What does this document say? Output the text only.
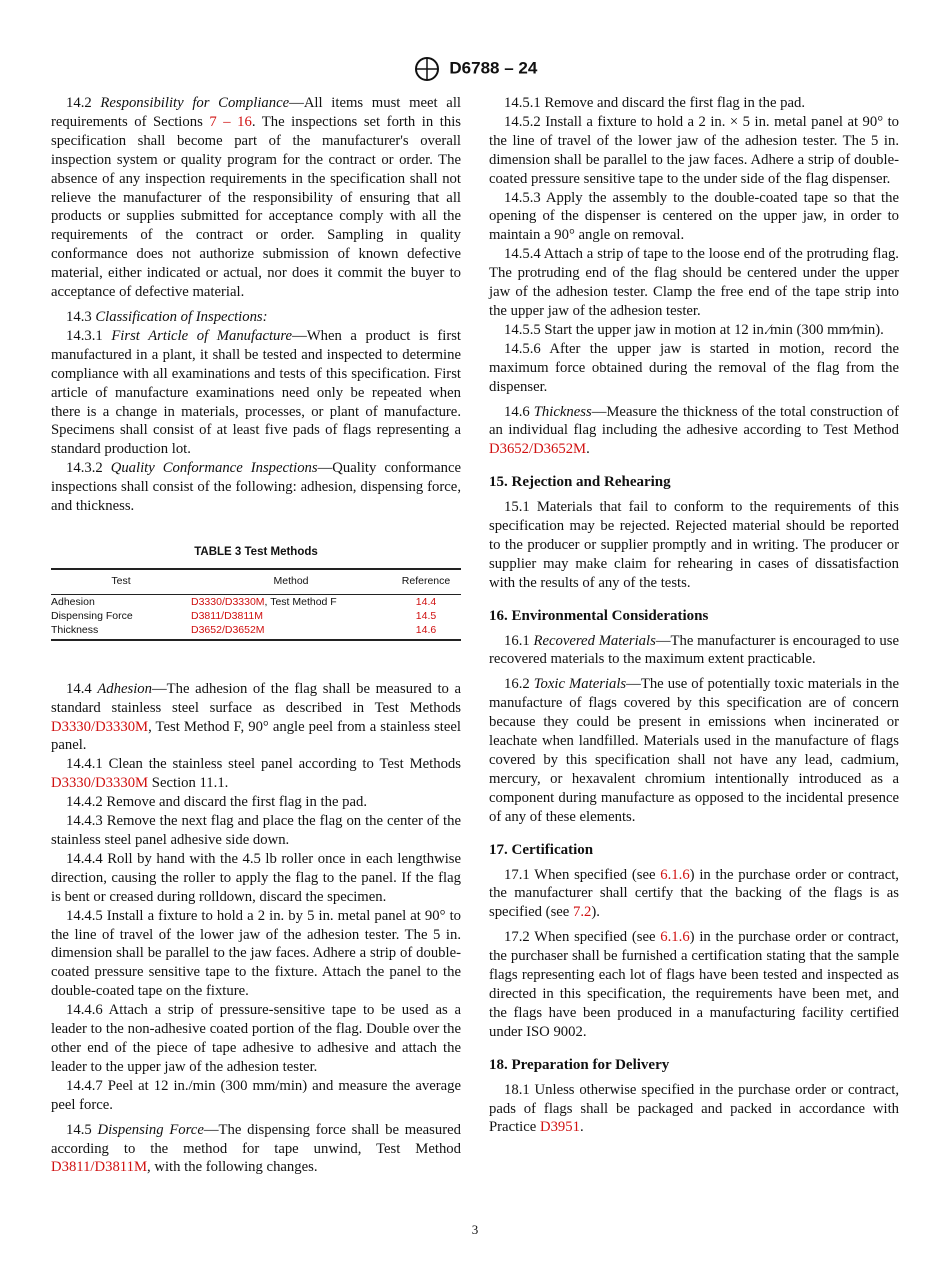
D6788 – 24

14.2 Responsibility for Compliance—All items must meet all requirements of Sections 7 – 16. The inspections set forth in this specification shall become part of the manufacturer's overall inspection system or quality program for the contract or order. The absence of any inspection requirements in the specification shall not relieve the manufacturer of the responsibility of ensuring that all products or supplies submitted for acceptance comply with all the requirements of the contract or order. Sampling in quality conformance does not authorize submission of known defective material, either indicated or actual, nor does it commit the buyer to acceptance of defective material.

14.3 Classification of Inspections:

14.3.1 First Article of Manufacture—When a product is first manufactured in a plant, it shall be tested and inspected to determine compliance with all examinations and tests of this specification. First article of manufacture examinations need only be repeated when there is a change in materials, processes, or plant of manufacture. Specimens shall consist of at least five pads of flags representing a standard production lot.

14.3.2 Quality Conformance Inspections—Quality conformance inspections shall consist of the following: adhesion, dispensing force, and thickness.

TABLE 3 Test Methods
Test	Method	Reference
Adhesion	D3330/D3330M, Test Method F	14.4
Dispensing Force	D3811/D3811M	14.5
Thickness	D3652/D3652M	14.6

14.4 Adhesion—The adhesion of the flag shall be measured to a standard stainless steel surface as described in Test Methods D3330/D3330M, Test Method F, 90° angle peel from a stainless steel panel.

14.4.1 Clean the stainless steel panel according to Test Methods D3330/D3330M Section 11.1.

14.4.2 Remove and discard the first flag in the pad.

14.4.3 Remove the next flag and place the flag on the center of the stainless steel panel adhesive side down.

14.4.4 Roll by hand with the 4.5 lb roller once in each lengthwise direction, causing the roller to apply the flag to the panel. If the flag is bent or creased during rolldown, discard the specimen.

14.4.5 Install a fixture to hold a 2 in. by 5 in. metal panel at 90° to the line of travel of the lower jaw of the adhesion tester. The 5 in. dimension shall be parallel to the jaw faces. Adhere a strip of double-coated pressure sensitive tape to the fixture. Attach the panel to the double-coated tape on the fixture.

14.4.6 Attach a strip of pressure-sensitive tape to be used as a leader to the non-adhesive coated portion of the flag. Double over the other end of the piece of tape adhesive to adhesive and attach the leader to the upper jaw of the adhesion tester.

14.4.7 Peel at 12 in./min (300 mm/min) and measure the average peel force.

14.5 Dispensing Force—The dispensing force shall be measured according to the method for tape unwind, Test Method D3811/D3811M, with the following changes.

14.5.1 Remove and discard the first flag in the pad.

14.5.2 Install a fixture to hold a 2 in. × 5 in. metal panel at 90° to the line of travel of the lower jaw of the adhesion tester. The 5 in. dimension shall be parallel to the jaw faces. Adhere a strip of double-coated pressure sensitive tape to the under side of the flag dispenser.

14.5.3 Apply the assembly to the double-coated tape so that the opening of the dispenser is centered on the upper jaw, in order to maintain a 90° angle on removal.

14.5.4 Attach a strip of tape to the loose end of the protruding flag. The protruding end of the flag should be centered under the upper jaw of the adhesion tester. Clamp the free end of the tape strip into the upper jaw of the adhesion tester.

14.5.5 Start the upper jaw in motion at 12 in.⁄min (300 mm⁄min).

14.5.6 After the upper jaw is started in motion, record the maximum force obtained during the removal of the flag from the dispenser.

14.6 Thickness—Measure the thickness of the total construction of an individual flag including the adhesive according to Test Method D3652/D3652M.

15. Rejection and Rehearing

15.1 Materials that fail to conform to the requirements of this specification may be rejected. Rejected material should be reported to the producer or supplier promptly and in writing. The producer or supplier may make claim for rehearing in cases of dissatisfaction with the results of any of the tests.

16. Environmental Considerations

16.1 Recovered Materials—The manufacturer is encouraged to use recovered materials to the maximum extent practicable.

16.2 Toxic Materials—The use of potentially toxic materials in the manufacture of flags covered by this specification are of concern because they could be present in emissions when incinerated or leachate when landfilled. Materials used in the manufacture of flags covered by this specification shall not have any lead, cadmium, mercury, or hexavalent chromium intentionally introduced as a component during manufacture as opposed to the incidental presence of any of these elements.

17. Certification

17.1 When specified (see 6.1.6) in the purchase order or contract, the manufacturer shall certify that the backing of the flags is as specified (see 7.2).

17.2 When specified (see 6.1.6) in the purchase order or contract, the purchaser shall be furnished a certification stating that the sample flags representing each lot of flags have been tested and inspected as directed in this specification, the requirements have been met, and the flags have been produced in a manufacturing facility certified under ISO 9002.

18. Preparation for Delivery

18.1 Unless otherwise specified in the purchase order or contract, pads of flags shall be packaged and packed in accordance with Practice D3951.

3
